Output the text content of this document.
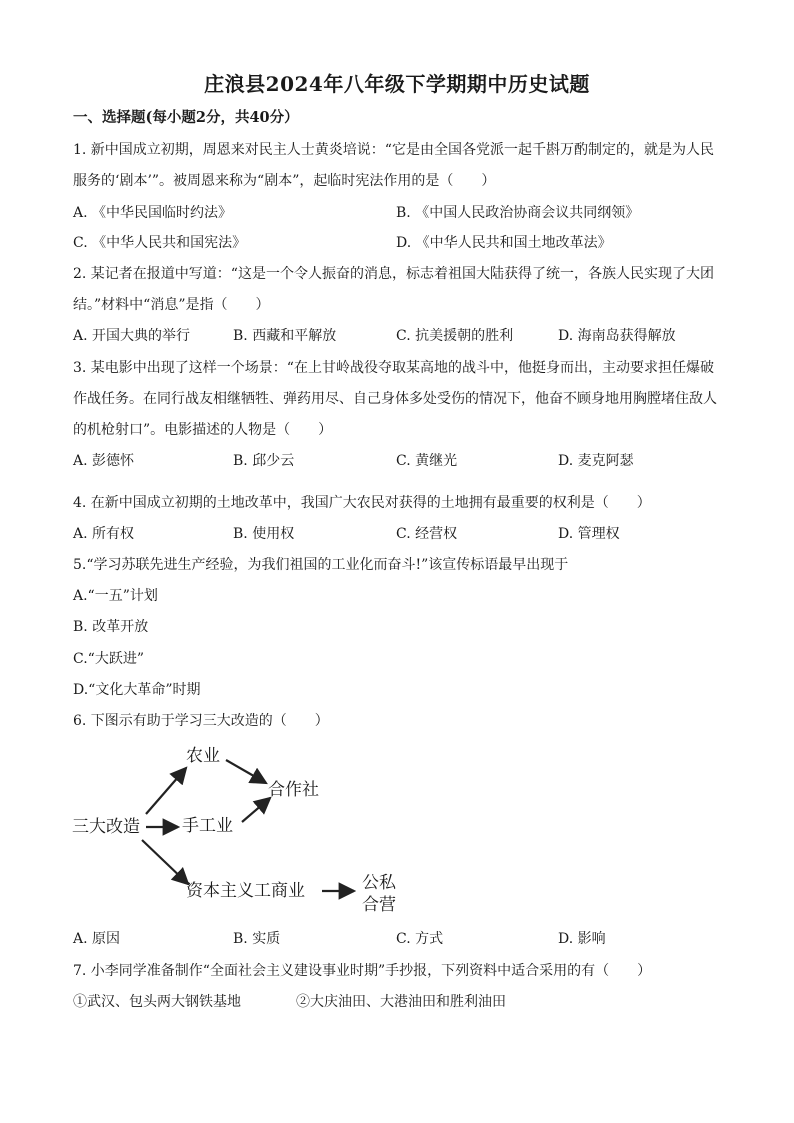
庄浪县2024年八年级下学期期中历史试题
一、选择题(每小题2分，共40分）
1. 新中国成立初期，周恩来对民主人士黄炎培说：“它是由全国各党派一起千斟万酌制定的，就是为人民
服务的‘剧本’”。被周恩来称为“剧本”，起临时宪法作用的是（　　）
A. 《中华民国临时约法》	B. 《中国人民政治协商会议共同纲领》
C. 《中华人民共和国宪法》	D. 《中华人民共和国土地改革法》
2. 某记者在报道中写道：“这是一个令人振奋的消息，标志着祖国大陆获得了统一，各族人民实现了大团
结。”材料中“消息”是指（　　）
A. 开国大典的举行	B. 西藏和平解放	C. 抗美援朝的胜利	D. 海南岛获得解放
3. 某电影中出现了这样一个场景：“在上甘岭战役夺取某高地的战斗中，他挺身而出，主动要求担任爆破
作战任务。在同行战友相继牺牲、弹药用尽、自己身体多处受伤的情况下，他奋不顾身地用胸膛堵住敌人
的机枪射口”。电影描述的人物是（　　）
A. 彭德怀	B. 邱少云	C. 黄继光	D. 麦克阿瑟
4. 在新中国成立初期的土地改革中，我国广大农民对获得的土地拥有最重要的权利是（　　）
A. 所有权	B. 使用权	C. 经营权	D. 管理权
5.“学习苏联先进生产经验，为我们祖国的工业化而奋斗!”该宣传标语最早出现于
A.“一五”计划
B. 改革开放
C.“大跃进”
D.“文化大革命”时期
6. 下图示有助于学习三大改造的（　　）
三大改造
农业
手工业
资本主义工商业
合作社
公私
合营
A. 原因	B. 实质	C. 方式	D. 影响
7. 小李同学准备制作“全面社会主义建设事业时期”手抄报，下列资料中适合采用的有（　　）
①武汉、包头两大钢铁基地	②大庆油田、大港油田和胜利油田
